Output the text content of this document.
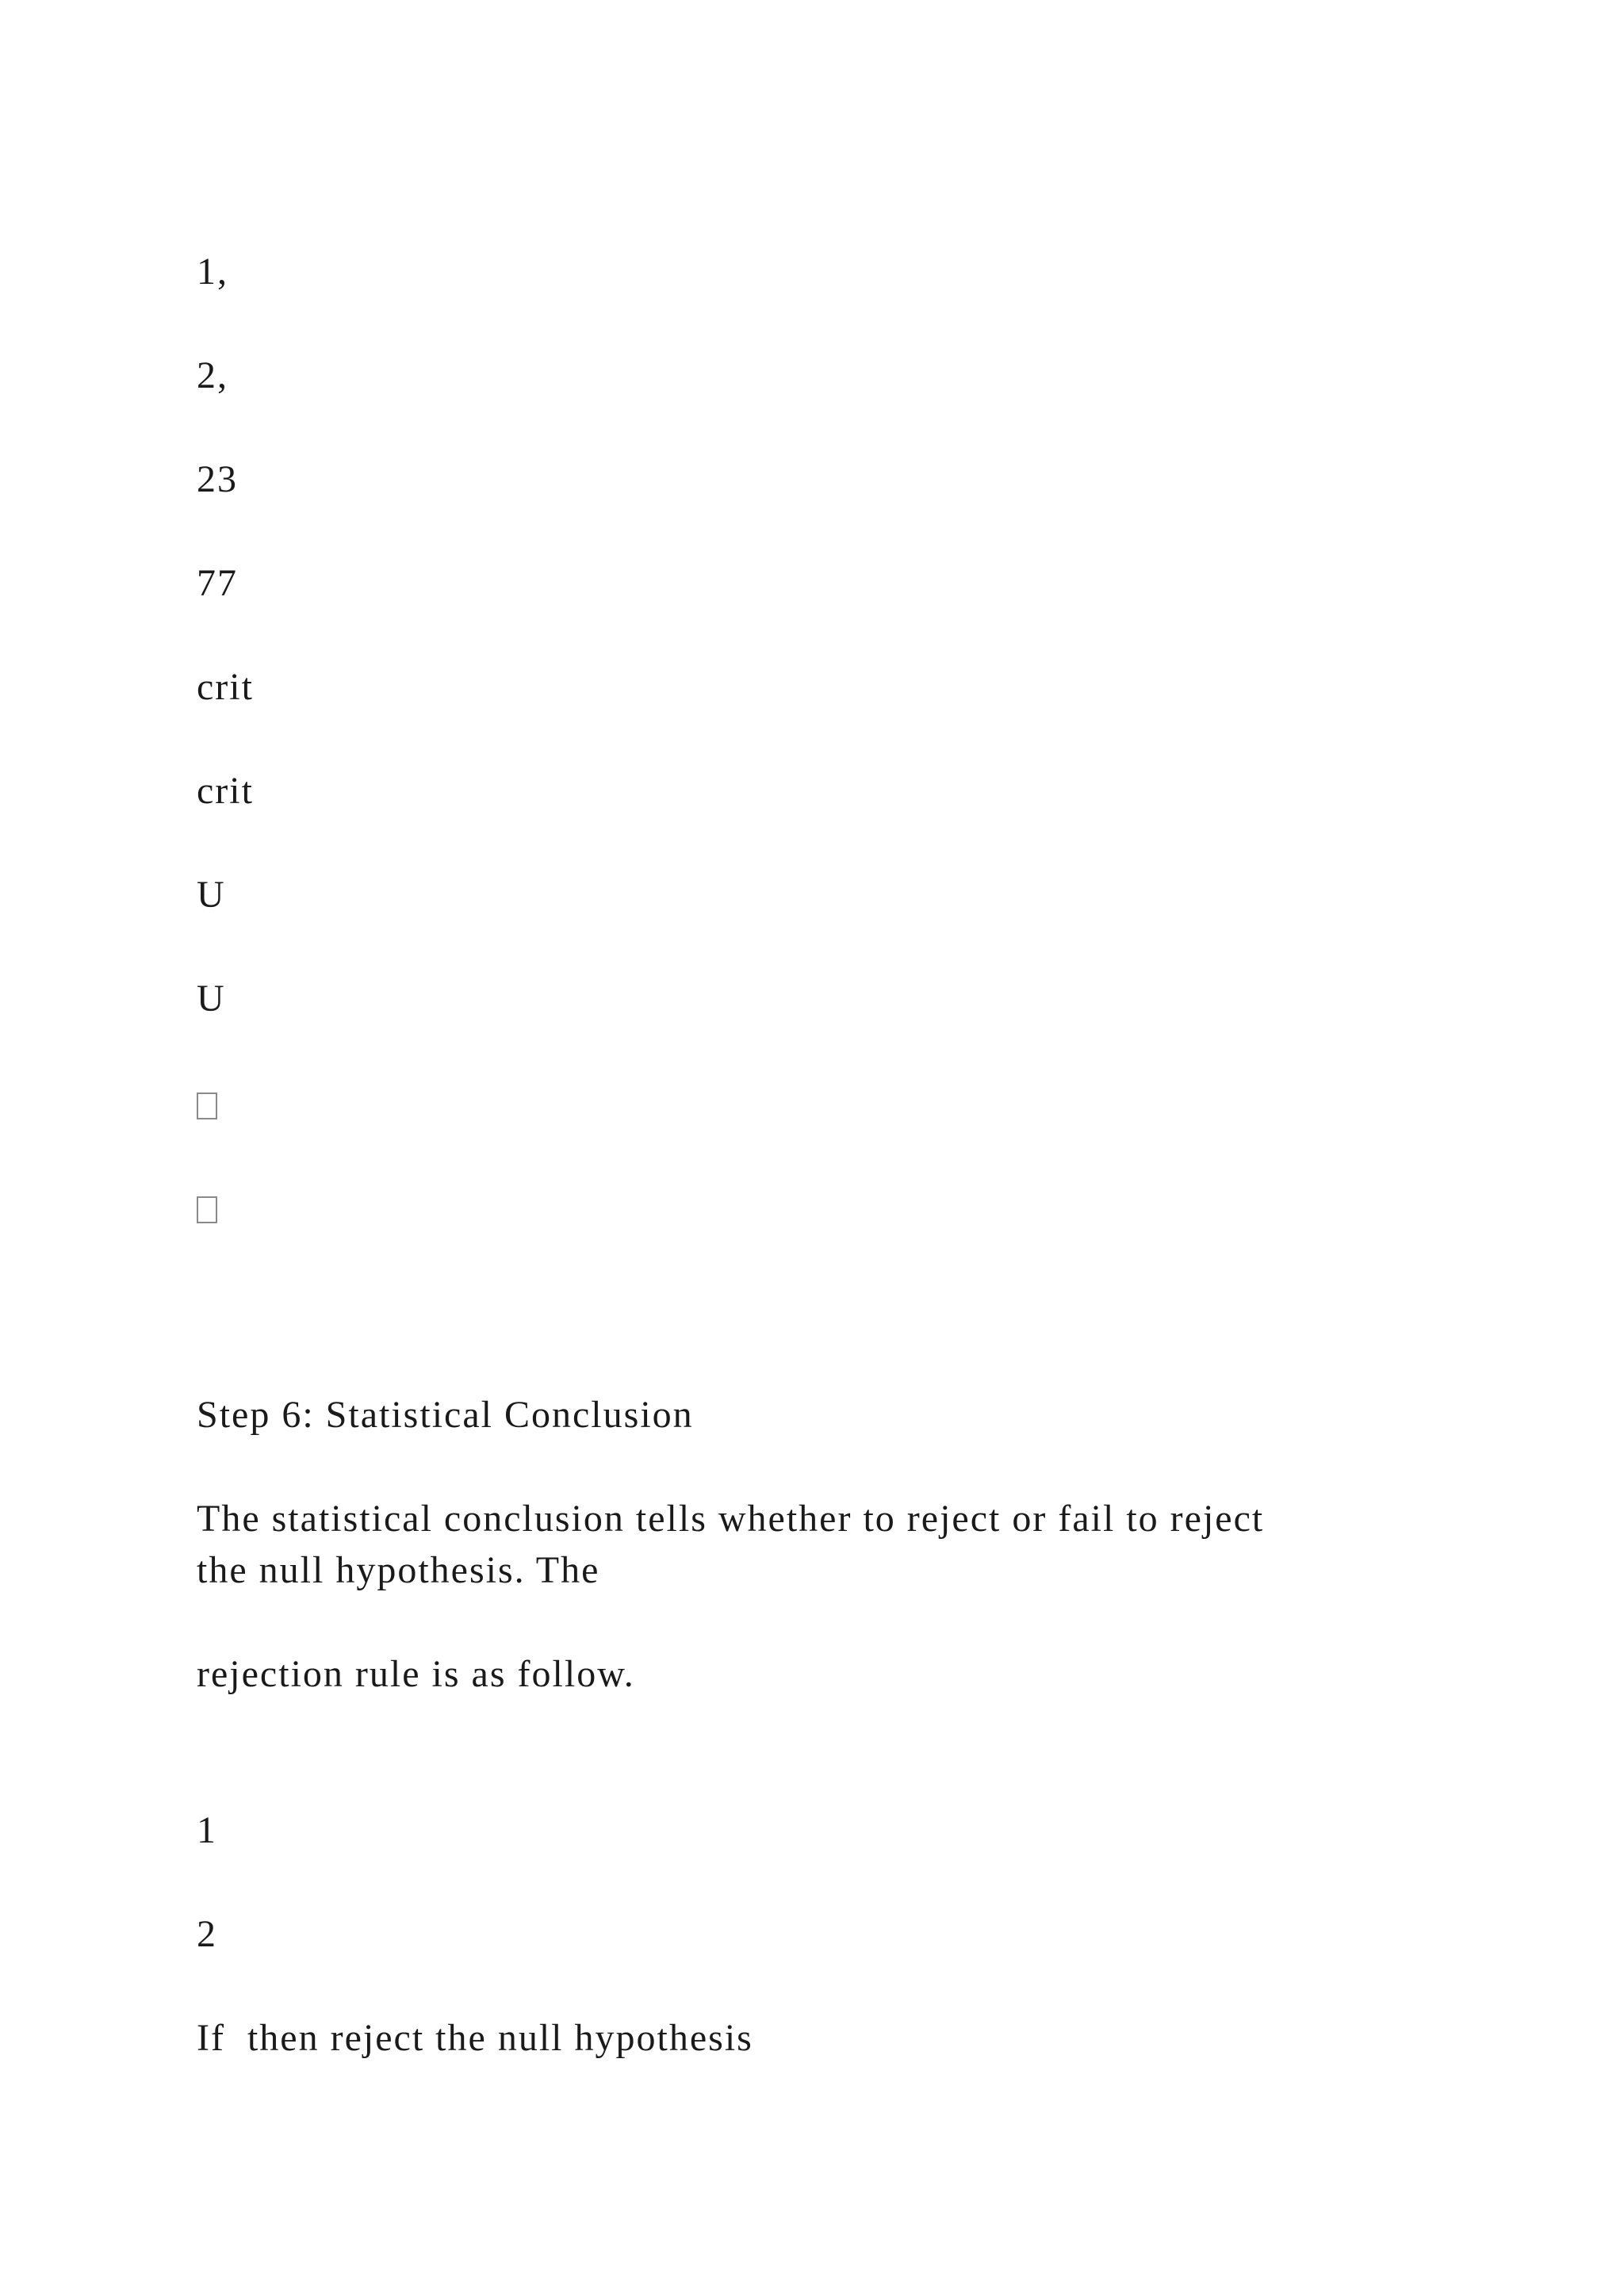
1,

2,

23

77

crit

crit

U

U

Step 6: Statistical Conclusion

The statistical conclusion tells whether to reject or fail to reject

the null hypothesis. The

rejection rule is as follow.

1

2

If  then reject the null hypothesis
